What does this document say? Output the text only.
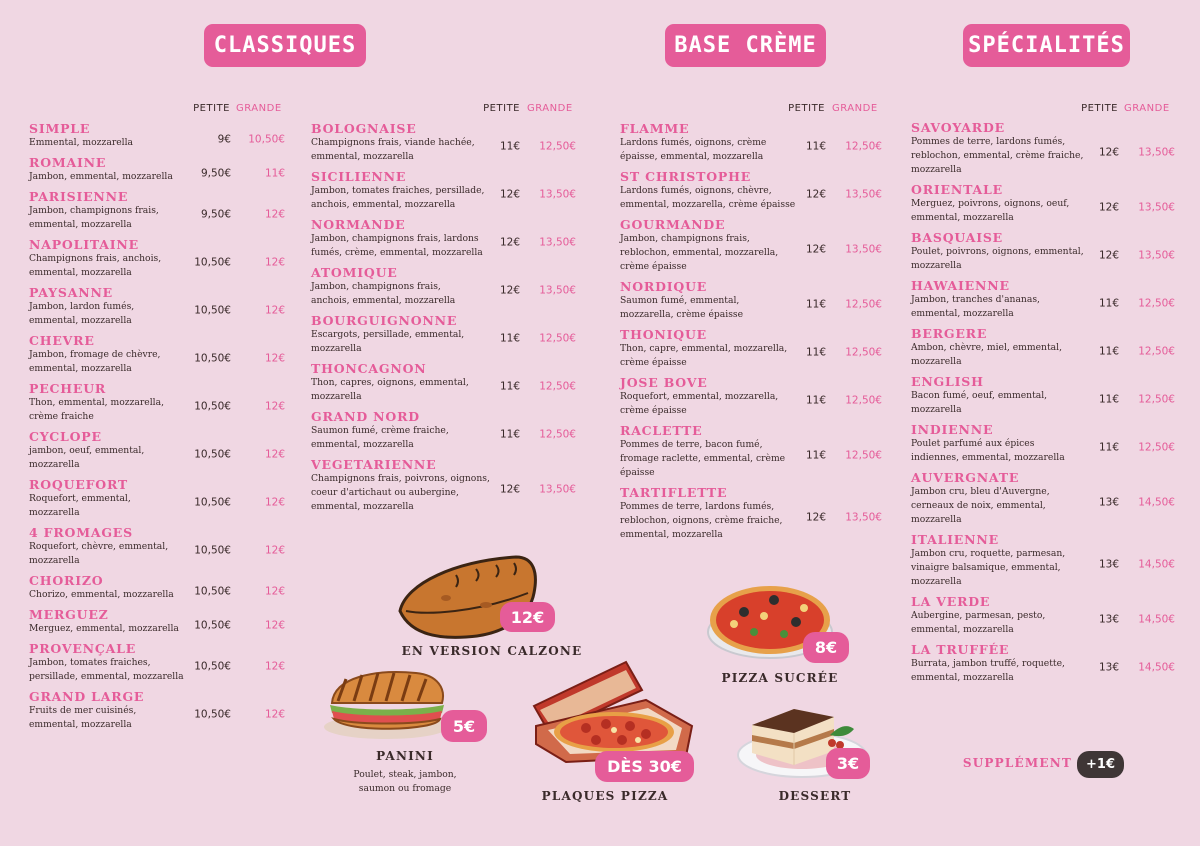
CLASSIQUES	BASE CRÈME	SPÉCIALITÉS
PETITE GRANDE	PETITE GRANDE	PETITE GRANDE	PETITE GRANDE
SIMPLE
Emmental, mozzarella	9€ 10,50€
ROMAINE
Jambon, emmental, mozzarella	9,50€	11€
PARISIENNE
Jambon, champignons frais,
emmental, mozzarella
9,50€	12€
NAPOLITAINE
Champignons frais, anchois,
emmental, mozzarella
10,50€	12€
PAYSANNE
Jambon, lardon fumés,
emmental, mozzarella
10,50€	12€
CHEVRE
Jambon, fromage de chèvre,
emmental, mozzarella
10,50€	12€
PECHEUR
Thon, emmental, mozzarella,
crème fraiche
10,50€	12€
CYCLOPE
jambon, oeuf, emmental,
mozzarella
10,50€	12€
ROQUEFORT
Roquefort, emmental,
mozzarella
10,50€	12€
4 FROMAGES
Roquefort, chèvre, emmental,
mozzarella
10,50€	12€
CHORIZO
Chorizo, emmental, mozzarella	10,50€	12€
MERGUEZ
Merguez, emmental, mozzarella	10,50€	12€
PROVENÇALE
Jambon, tomates fraiches,
persillade, emmental, mozzarella
10,50€	12€
GRAND LARGE
Fruits de mer cuisinés,
emmental, mozzarella
10,50€	12€
BOLOGNAISE
Champignons frais, viande hachée,
emmental, mozzarella
11€ 12,50€
SICILIENNE
Jambon, tomates fraiches, persillade,
anchois, emmental, mozzarella
12€ 13,50€
NORMANDE
Jambon, champignons frais, lardons
fumés, crème, emmental, mozzarella
12€ 13,50€
ATOMIQUE
Jambon, champignons frais,
anchois, emmental, mozzarella
12€ 13,50€
BOURGUIGNONNE
Escargots, persillade, emmental,
mozzarella
11€ 12,50€
THONCAGNON
Thon, capres, oignons, emmental,
mozzarella
11€ 12,50€
GRAND NORD
Saumon fumé, crème fraiche,
emmental, mozzarella
11€ 12,50€
VEGETARIENNE
Champignons frais, poivrons, oignons,
coeur d'artichaut ou aubergine,
emmental, mozzarella
12€ 13,50€
FLAMME
Lardons fumés, oignons, crème
épaisse, emmental, mozzarella
11€ 12,50€
ST CHRISTOPHE
Lardons fumés, oignons, chèvre,
emmental, mozzarella, crème épaisse
12€ 13,50€
GOURMANDE
Jambon, champignons frais,
reblochon, emmental, mozzarella,
crème épaisse
12€ 13,50€
NORDIQUE
Saumon fumé, emmental,
mozzarella, crème épaisse
11€ 12,50€
THONIQUE
Thon, capre, emmental, mozzarella,
crème épaisse
11€ 12,50€
JOSE BOVE
Roquefort, emmental, mozzarella,
crème épaisse
11€ 12,50€
RACLETTE
Pommes de terre, bacon fumé,
fromage raclette, emmental, crème
épaisse
11€ 12,50€
TARTIFLETTE
Pommes de terre, lardons fumés,
reblochon, oignons, crème fraiche,
emmental, mozzarella
12€ 13,50€
SAVOYARDE
Pommes de terre, lardons fumés,
reblochon, emmental, crème fraiche,
mozzarella
12€ 13,50€
ORIENTALE
Merguez, poivrons, oignons, oeuf,
emmental, mozzarella
12€ 13,50€
BASQUAISE
Poulet, poivrons, oignons, emmental,
mozzarella
12€ 13,50€
HAWAIENNE
Jambon, tranches d'ananas,
emmental, mozzarella
11€ 12,50€
BERGERE
Ambon, chèvre, miel, emmental,
mozzarella
11€ 12,50€
ENGLISH
Bacon fumé, oeuf, emmental,
mozzarella
11€ 12,50€
INDIENNE
Poulet parfumé aux épices
indiennes, emmental, mozzarella
11€ 12,50€
AUVERGNATE
Jambon cru, bleu d'Auvergne,
cerneaux de noix, emmental,
mozzarella
13€ 14,50€
ITALIENNE
Jambon cru, roquette, parmesan,
vinaigre balsamique, emmental,
mozzarella
13€ 14,50€
LA VERDE
Aubergine, parmesan, pesto,
emmental, mozzarella
13€ 14,50€
LA TRUFFÉE
Burrata, jambon truffé, roquette,
emmental, mozzarella
13€ 14,50€
12€
EN VERSION CALZONE
5€
PANINI
Poulet, steak, jambon,
saumon ou fromage
DÈS 30€
PLAQUES PIZZA
8€
PIZZA SUCRÉE
3€
DESSERT
SUPPLÉMENT	+1€
